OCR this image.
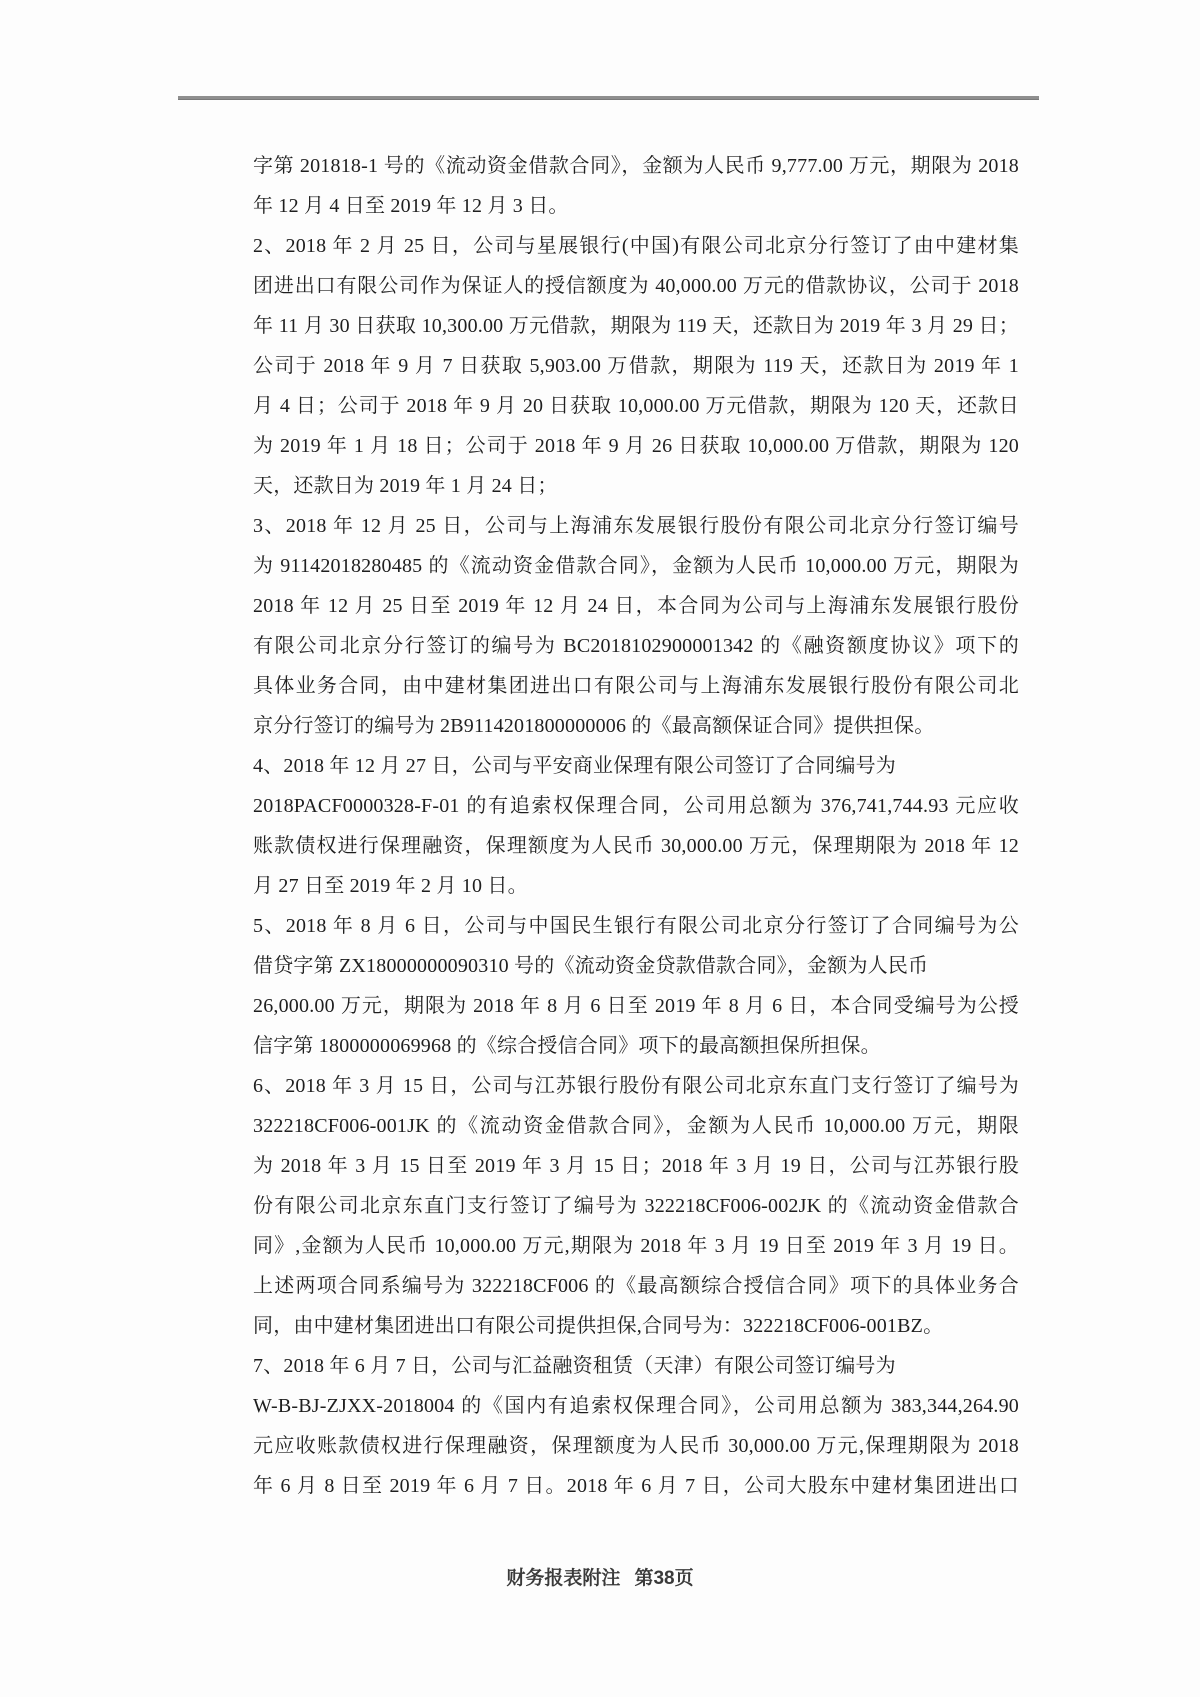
字第 201818-1 号的《流动资金借款合同》，金额为人民币 9,777.00 万元，期限为 2018
年 12 月 4 日至 2019 年 12 月 3 日。
2、2018 年 2 月 25 日，公司与星展银行(中国)有限公司北京分行签订了由中建材集
团进出口有限公司作为保证人的授信额度为 40,000.00 万元的借款协议，公司于 2018
年 11 月 30 日获取 10,300.00 万元借款，期限为 119 天，还款日为 2019 年 3 月 29 日；
公司于 2018 年 9 月 7 日获取 5,903.00 万借款，期限为 119 天，还款日为 2019 年 1
月 4 日；公司于 2018 年 9 月 20 日获取 10,000.00 万元借款，期限为 120 天，还款日
为 2019 年 1 月 18 日；公司于 2018 年 9 月 26 日获取 10,000.00 万借款，期限为 120
天，还款日为 2019 年 1 月 24 日；
3、2018 年 12 月 25 日，公司与上海浦东发展银行股份有限公司北京分行签订编号
为 91142018280485 的《流动资金借款合同》，金额为人民币 10,000.00 万元，期限为
2018 年 12 月 25 日至 2019 年 12 月 24 日，本合同为公司与上海浦东发展银行股份
有限公司北京分行签订的编号为 BC2018102900001342 的《融资额度协议》项下的
具体业务合同，由中建材集团进出口有限公司与上海浦东发展银行股份有限公司北
京分行签订的编号为 2B9114201800000006 的《最高额保证合同》提供担保。
4、2018 年 12 月 27 日，公司与平安商业保理有限公司签订了合同编号为
2018PACF0000328-F-01 的有追索权保理合同，公司用总额为 376,741,744.93 元应收
账款债权进行保理融资，保理额度为人民币 30,000.00 万元，保理期限为 2018 年 12
月 27 日至 2019 年 2 月 10 日。
5、2018 年 8 月 6 日，公司与中国民生银行有限公司北京分行签订了合同编号为公
借贷字第 ZX18000000090310 号的《流动资金贷款借款合同》，金额为人民币
26,000.00 万元，期限为 2018 年 8 月 6 日至 2019 年 8 月 6 日，本合同受编号为公授
信字第 1800000069968 的《综合授信合同》项下的最高额担保所担保。
6、2018 年 3 月 15 日，公司与江苏银行股份有限公司北京东直门支行签订了编号为
322218CF006-001JK 的《流动资金借款合同》，金额为人民币 10,000.00 万元，期限
为 2018 年 3 月 15 日至 2019 年 3 月 15 日；2018 年 3 月 19 日，公司与江苏银行股
份有限公司北京东直门支行签订了编号为 322218CF006-002JK 的《流动资金借款合
同》,金额为人民币 10,000.00 万元,期限为 2018 年 3 月 19 日至 2019 年 3 月 19 日。
上述两项合同系编号为 322218CF006 的《最高额综合授信合同》项下的具体业务合
同，由中建材集团进出口有限公司提供担保,合同号为：322218CF006-001BZ。
7、2018 年 6 月 7 日，公司与汇益融资租赁（天津）有限公司签订编号为
W-B-BJ-ZJXX-2018004 的《国内有追索权保理合同》，公司用总额为 383,344,264.90
元应收账款债权进行保理融资，保理额度为人民币 30,000.00 万元,保理期限为 2018
年 6 月 8 日至 2019 年 6 月 7 日。2018 年 6 月 7 日，公司大股东中建材集团进出口
财务报表附注 第38页
